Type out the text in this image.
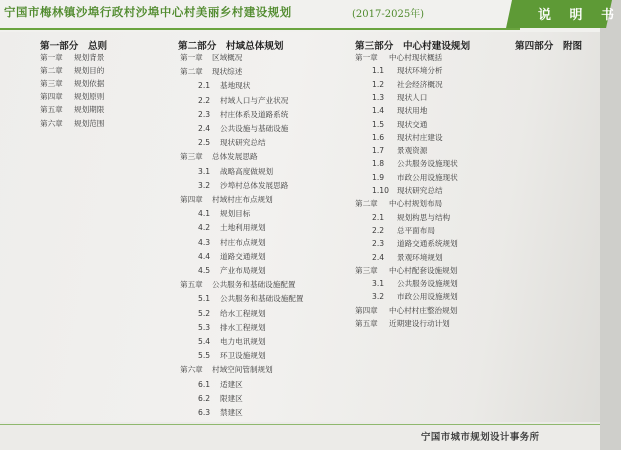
宁国市梅林镇沙埠行政村沙埠中心村美丽乡村建设规划	(2017-2025年)	说 明 书
第一部分　总则
第一章 规划背景
第二章 规划目的
第三章 规划依据
第四章 规划原则
第五章 规划期限
第六章 规划范围
第二部分　村域总体规划
第一章 区域概况
第二章 现状综述
2.1 基地现状
2.2 村域人口与产业状况
2.3 村庄体系及道路系统
2.4 公共设施与基础设施
2.5 现状研究总结
第三章 总体发展思路
3.1 战略高度做规划
3.2 沙埠村总体发展思路
第四章 村域村庄布点规划
4.1 规划目标
4.2 土地利用规划
4.3 村庄布点规划
4.4 道路交通规划
4.5 产业布局规划
第五章 公共服务和基础设施配置
5.1 公共服务和基础设施配置
5.2 给水工程规划
5.3 排水工程规划
5.4 电力电讯规划
5.5 环卫设施规划
第六章 村域空间管制规划
6.1 适建区
6.2 限建区
6.3 禁建区
第三部分　中心村建设规划
第一章 中心村现状概括
1.1 现状环境分析
1.2 社会经济概况
1.3 现状人口
1.4 现状用地
1.5 现状交通
1.6 现状村庄建设
1.7 景观资源
1.8 公共服务设施现状
1.9 市政公用设施现状
1.10 现状研究总结
第二章 中心村规划布局
2.1 规划构思与结构
2.2 总平面布局
2.3 道路交通系统规划
2.4 景观环境规划
第三章 中心村配套设施规划
3.1 公共服务设施规划
3.2 市政公用设施规划
第四章 中心村村庄整治规划
第五章 近期建设行动计划
第四部分　附图
宁国市城市规划设计事务所
